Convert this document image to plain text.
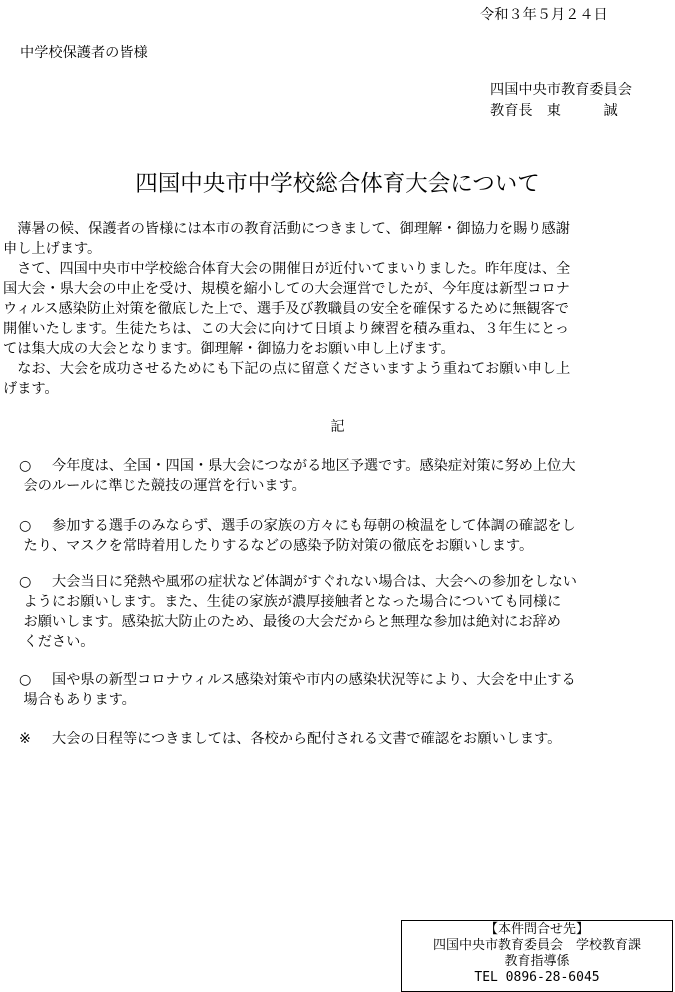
令和３年５月２４日
中学校保護者の皆様
四国中央市教育委員会
教育長　東　　　誠
四国中央市中学校総合体育大会について

薄暑の候、保護者の皆様には本市の教育活動につきまして、御理解・御協力を賜り感謝
申し上げます。

さて、四国中央市中学校総合体育大会の開催日が近付いてまいりました。昨年度は、全
国大会・県大会の中止を受け、規模を縮小しての大会運営でしたが、今年度は新型コロナ
ウィルス感染防止対策を徹底した上で、選手及び教職員の安全を確保するために無観客で
開催いたします。生徒たちは、この大会に向けて日頃より練習を積み重ね、３年生にとっ
ては集大成の大会となります。御理解・御協力をお願い申し上げます。

なお、大会を成功させるためにも下記の点に留意くださいますよう重ねてお願い申し上
げます。

記
○ 今年度は、全国・四国・県大会につながる地区予選です。感染症対策に努め上位大
会のルールに準じた競技の運営を行います。
○ 参加する選手のみならず、選手の家族の方々にも毎朝の検温をして体調の確認をし
たり、マスクを常時着用したりするなどの感染予防対策の徹底をお願いします。
○ 大会当日に発熱や風邪の症状など体調がすぐれない場合は、大会への参加をしない
ようにお願いします。また、生徒の家族が濃厚接触者となった場合についても同様に
お願いします。感染拡大防止のため、最後の大会だからと無理な参加は絶対にお辞め
ください。
○ 国や県の新型コロナウィルス感染対策や市内の感染状況等により、大会を中止する
場合もあります。
※ 大会の日程等につきましては、各校から配付される文書で確認をお願いします。
【本件問合せ先】
四国中央市教育委員会　学校教育課
教育指導係
TEL 0896-28-6045
